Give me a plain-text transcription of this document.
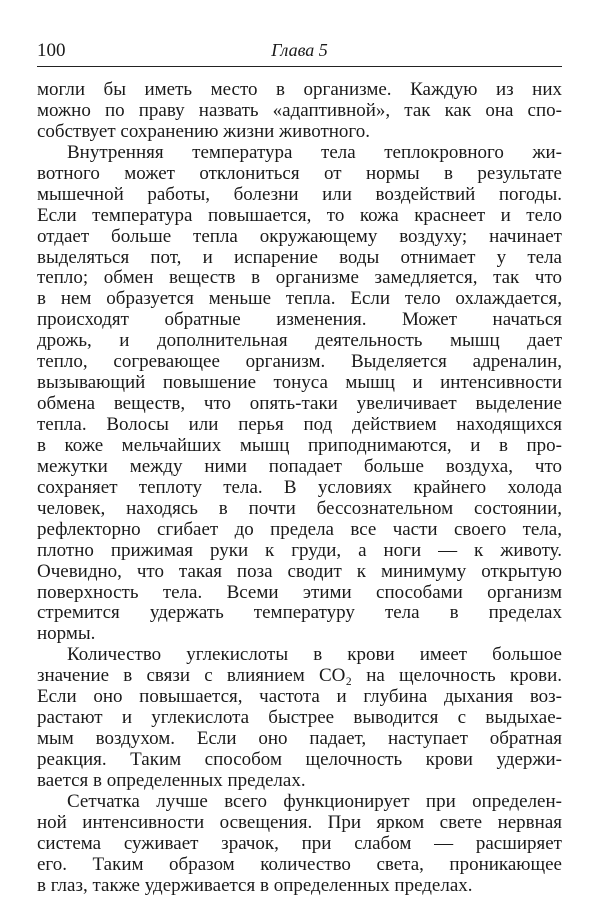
100	Глава 5
могли бы иметь место в организме. Каждую из них
можно по праву назвать «адаптивной», так как она спо-
собствует сохранению жизни животного.
Внутренняя температура тела теплокровного жи-
вотного может отклониться от нормы в результате
мышечной работы, болезни или воздействий погоды.
Если температура повышается, то кожа краснеет и тело
отдает больше тепла окружающему воздуху; начинает
выделяться пот, и испарение воды отнимает у тела
тепло; обмен веществ в организме замедляется, так что
в нем образуется меньше тепла. Если тело охлаждается,
происходят обратные изменения. Может начаться
дрожь, и дополнительная деятельность мышц дает
тепло, согревающее организм. Выделяется адреналин,
вызывающий повышение тонуса мышц и интенсивности
обмена веществ, что опять-таки увеличивает выделение
тепла. Волосы или перья под действием находящихся
в коже мельчайших мышц приподнимаются, и в про-
межутки между ними попадает больше воздуха, что
сохраняет теплоту тела. В условиях крайнего холода
человек, находясь в почти бессознательном состоянии,
рефлекторно сгибает до предела все части своего тела,
плотно прижимая руки к груди, а ноги — к животу.
Очевидно, что такая поза сводит к минимуму открытую
поверхность тела. Всеми этими способами организм
стремится удержать температуру тела в пределах
нормы.
Количество углекислоты в крови имеет большое
значение в связи с влиянием CO₂ на щелочность крови.
Если оно повышается, частота и глубина дыхания воз-
растают и углекислота быстрее выводится с выдыхае-
мым воздухом. Если оно падает, наступает обратная
реакция. Таким способом щелочность крови удержи-
вается в определенных пределах.
Сетчатка лучше всего функционирует при определен-
ной интенсивности освещения. При ярком свете нервная
система суживает зрачок, при слабом — расширяет
его. Таким образом количество света, проникающее
в глаз, также удерживается в определенных пределах.
